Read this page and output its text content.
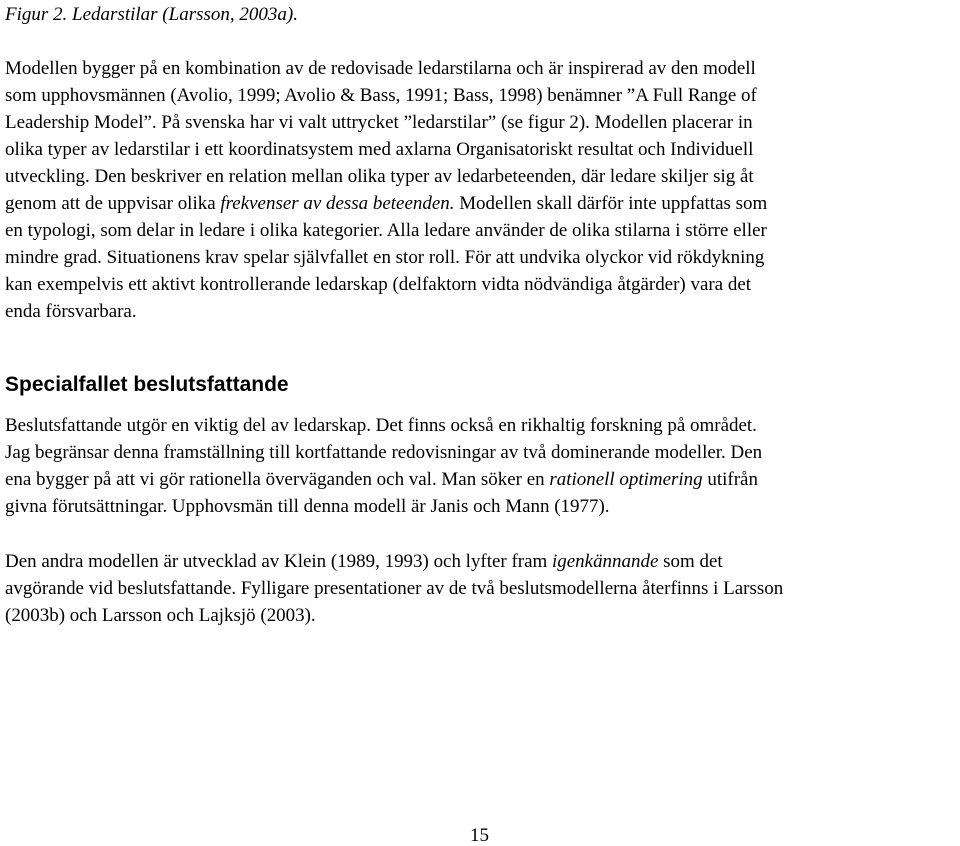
Figur 2. Ledarstilar (Larsson, 2003a).
Modellen bygger på en kombination av de redovisade ledarstilarna och är inspirerad av den modell
som upphovsmännen (Avolio, 1999; Avolio & Bass, 1991; Bass, 1998) benämner ”A Full Range of
Leadership Model”. På svenska har vi valt uttrycket ”ledarstilar” (se figur 2). Modellen placerar in
olika typer av ledarstilar i ett koordinatsystem med axlarna Organisatoriskt resultat och Individuell
utveckling. Den beskriver en relation mellan olika typer av ledarbeteenden, där ledare skiljer sig åt
genom att de uppvisar olika frekvenser av dessa beteenden. Modellen skall därför inte uppfattas som
en typologi, som delar in ledare i olika kategorier. Alla ledare använder de olika stilarna i större eller
mindre grad. Situationens krav spelar självfallet en stor roll. För att undvika olyckor vid rökdykning
kan exempelvis ett aktivt kontrollerande ledarskap (delfaktorn vidta nödvändiga åtgärder) vara det
enda försvarbara.
Specialfallet beslutsfattande
Beslutsfattande utgör en viktig del av ledarskap. Det finns också en rikhaltig forskning på området.
Jag begränsar denna framställning till kortfattande redovisningar av två dominerande modeller. Den
ena bygger på att vi gör rationella överväganden och val. Man söker en rationell optimering utifrån
givna förutsättningar. Upphovsmän till denna modell är Janis och Mann (1977).
Den andra modellen är utvecklad av Klein (1989, 1993) och lyfter fram igenkännande som det
avgörande vid beslutsfattande. Fylligare presentationer av de två beslutsmodellerna återfinns i Larsson
(2003b) och Larsson och Lajksjö (2003).
15
